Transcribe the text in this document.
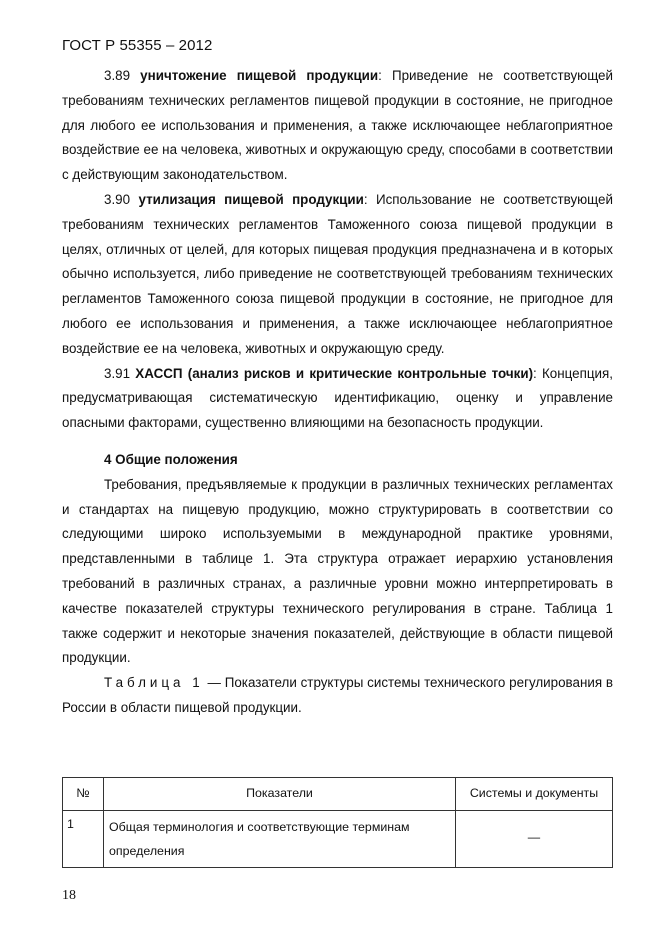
ГОСТ Р 55355 – 2012

3.89 уничтожение пищевой продукции: Приведение не соответствующей требованиям технических регламентов пищевой продукции в состояние, не пригодное для любого ее использования и применения, а также исключающее неблагоприятное воздействие ее на человека, животных и окружающую среду, способами в соответствии с действующим законодательством.

3.90 утилизация пищевой продукции: Использование не соответствующей требованиям технических регламентов Таможенного союза пищевой продукции в целях, отличных от целей, для которых пищевая продукция предназначена и в которых обычно используется, либо приведение не соответствующей требованиям технических регламентов Таможенного союза пищевой продукции в состояние, не пригодное для любого ее использования и применения, а также исключающее неблагоприятное воздействие ее на человека, животных и окружающую среду.

3.91 ХАССП (анализ рисков и критические контрольные точки): Концепция, предусматривающая систематическую идентификацию, оценку и управление опасными факторами, существенно влияющими на безопасность продукции.

4 Общие положения

Требования, предъявляемые к продукции в различных технических регламентах и стандартах на пищевую продукцию, можно структурировать в соответствии со следующими широко используемыми в международной практике уровнями, представленными в таблице 1. Эта структура отражает иерархию установления требований в различных странах, а различные уровни можно интерпретировать в качестве показателей структуры технического регулирования в стране. Таблица 1 также содержит и некоторые значения показателей, действующие в области пищевой продукции.

Таблица 1 — Показатели структуры системы технического регулирования в России в области пищевой продукции.

№	Показатели	Системы и документы
1	Общая терминология и соответствующие терминам определения	—
18
